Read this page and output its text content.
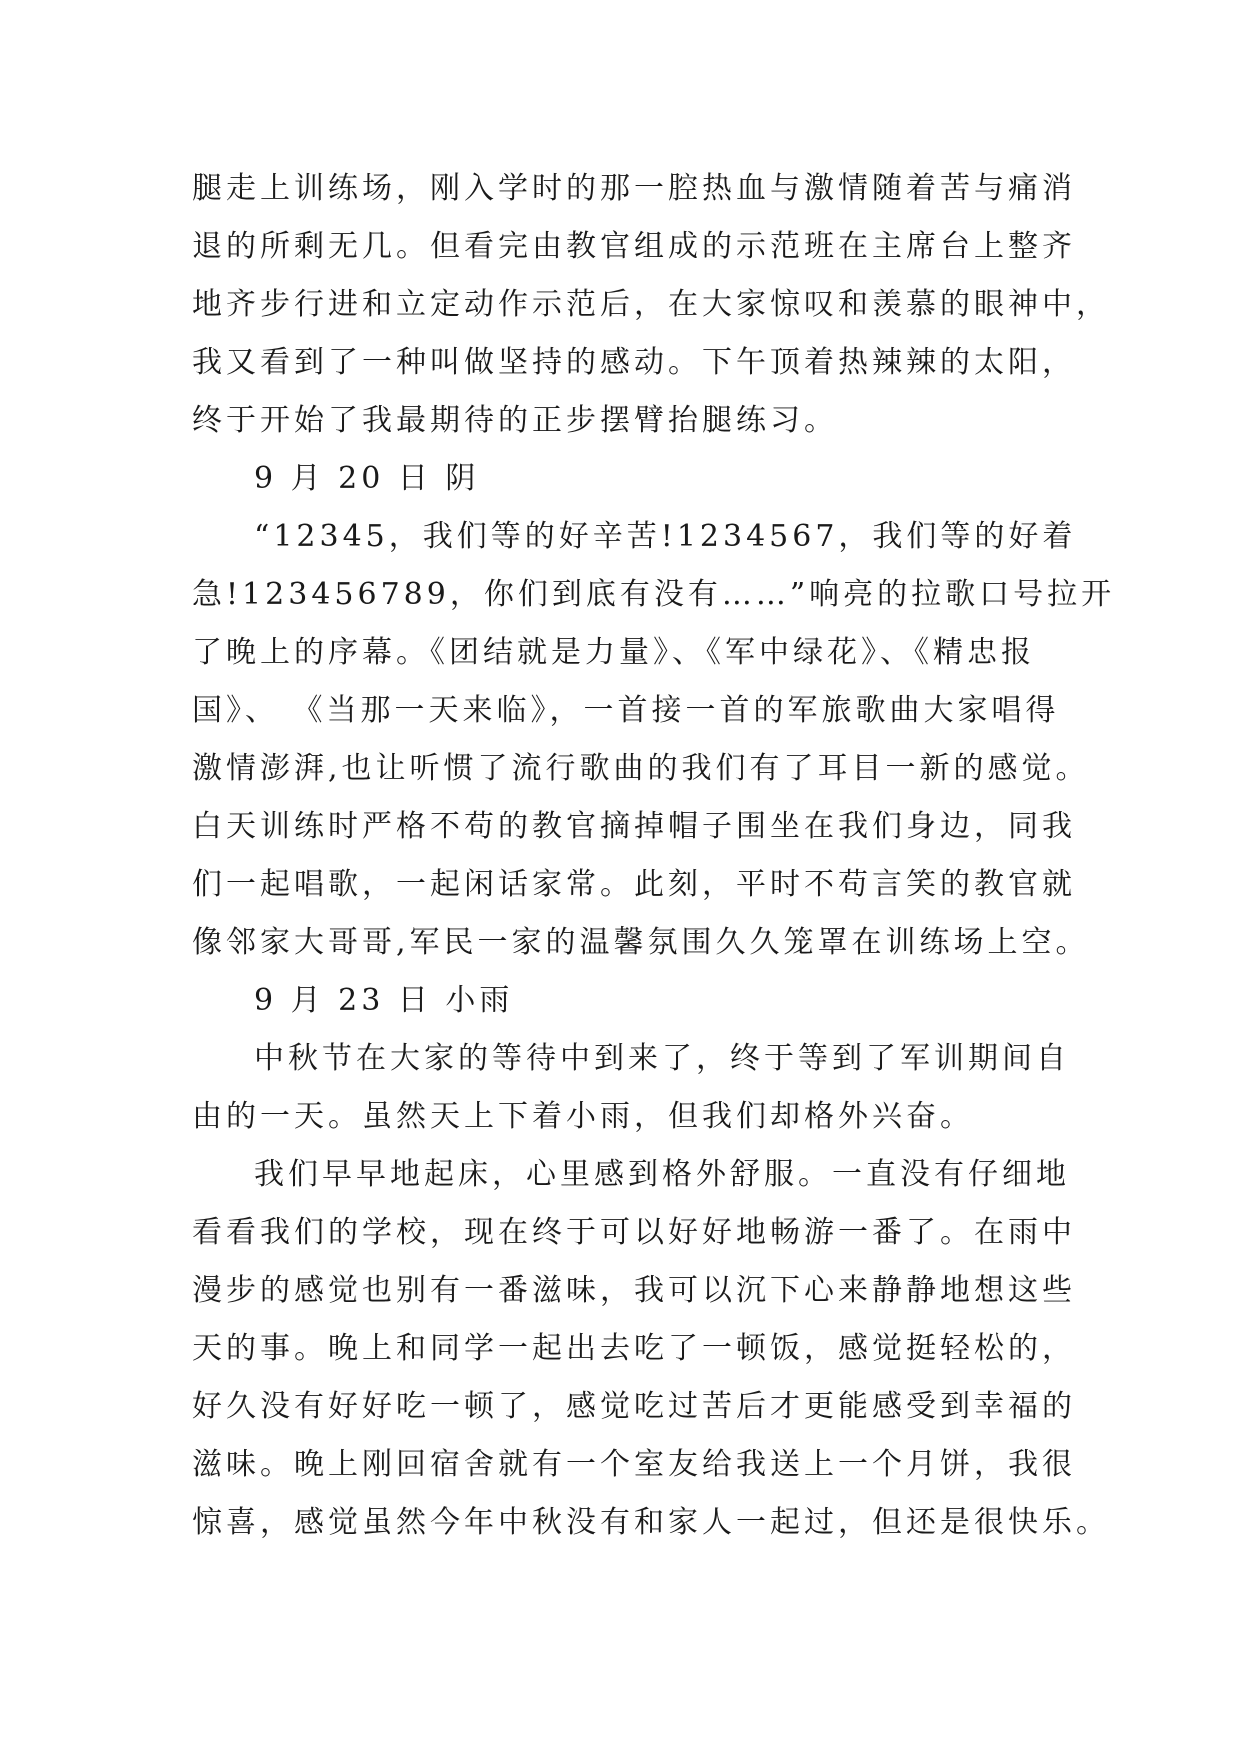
腿走上训练场，刚入学时的那一腔热血与激情随着苦与痛消
退的所剩无几。但看完由教官组成的示范班在主席台上整齐
地齐步行进和立定动作示范后，在大家惊叹和羡慕的眼神中，
我又看到了一种叫做坚持的感动。下午顶着热辣辣的太阳，
终于开始了我最期待的正步摆臂抬腿练习。
9 月 20 日 阴
“12345，我们等的好辛苦!1234567，我们等的好着
急!123456789，你们到底有没有……”响亮的拉歌口号拉开
了晚上的序幕。《团结就是力量》、《军中绿花》、《精忠报
国》、 《当那一天来临》，一首接一首的军旅歌曲大家唱得
激情澎湃,也让听惯了流行歌曲的我们有了耳目一新的感觉。
白天训练时严格不苟的教官摘掉帽子围坐在我们身边，同我
们一起唱歌，一起闲话家常。此刻，平时不苟言笑的教官就
像邻家大哥哥,军民一家的温馨氛围久久笼罩在训练场上空。
9 月 23 日 小雨
中秋节在大家的等待中到来了，终于等到了军训期间自
由的一天。虽然天上下着小雨，但我们却格外兴奋。
我们早早地起床，心里感到格外舒服。一直没有仔细地
看看我们的学校，现在终于可以好好地畅游一番了。在雨中
漫步的感觉也别有一番滋味，我可以沉下心来静静地想这些
天的事。晚上和同学一起出去吃了一顿饭，感觉挺轻松的，
好久没有好好吃一顿了，感觉吃过苦后才更能感受到幸福的
滋味。晚上刚回宿舍就有一个室友给我送上一个月饼，我很
惊喜，感觉虽然今年中秋没有和家人一起过，但还是很快乐。
